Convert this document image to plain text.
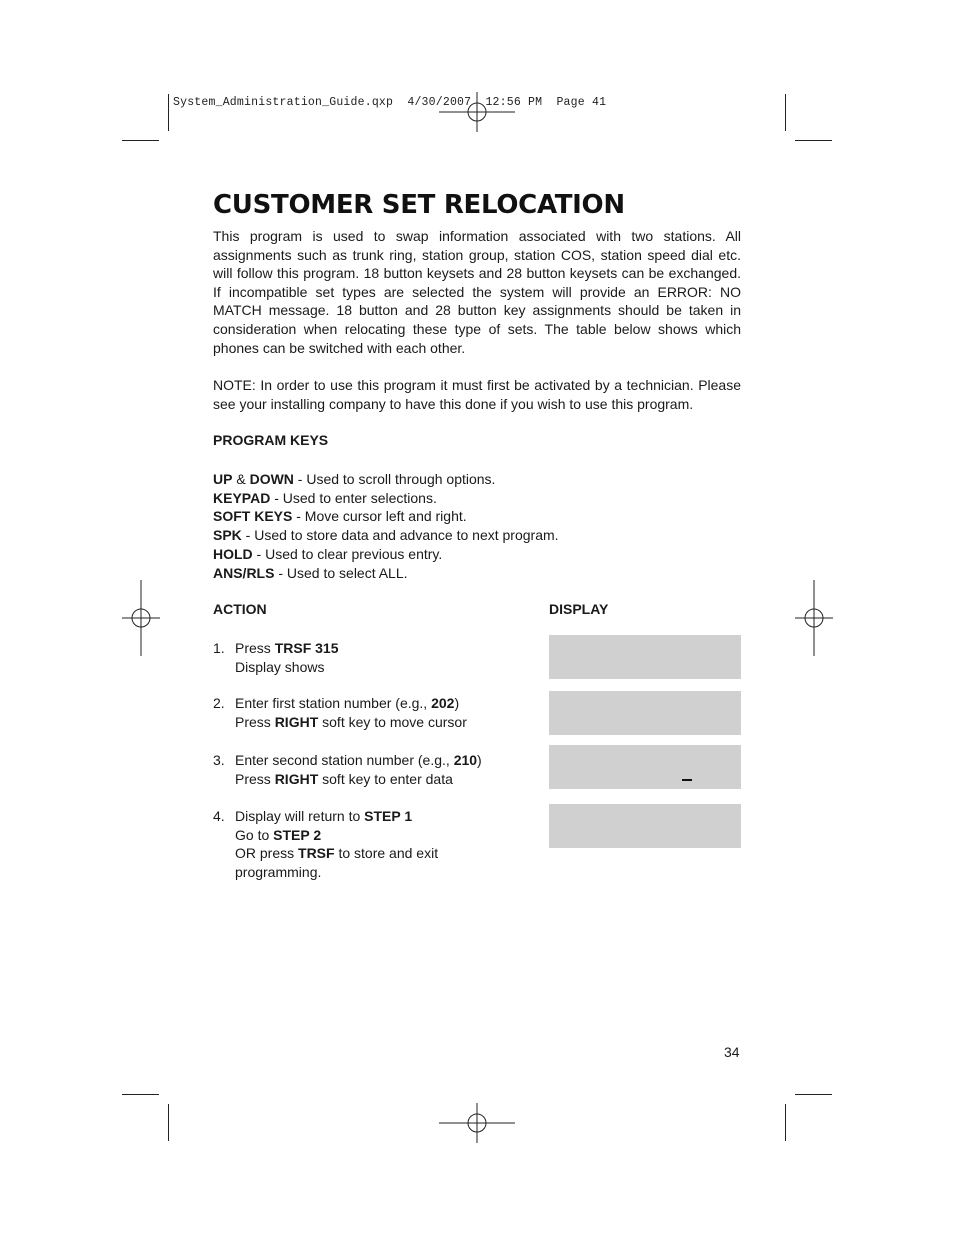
System_Administration_Guide.qxp  4/30/2007  12:56 PM  Page 41
CUSTOMER SET RELOCATION
This program is used to swap information associated with two stations. All assignments such as trunk ring, station group, station COS, station speed dial etc. will follow this program. 18 button keysets and 28 button keysets can be exchanged. If incompatible set types are selected the system will provide an ERROR: NO MATCH message. 18 button and 28 button key assignments should be taken in consideration when relocating these type of sets. The table below shows which phones can be switched with each other.
NOTE: In order to use this program it must first be activated by a technician. Please see your installing company to have this done if you wish to use this program.
PROGRAM KEYS
UP & DOWN - Used to scroll through options.
KEYPAD - Used to enter selections.
SOFT KEYS - Move cursor left and right.
SPK - Used to store data and advance to next program.
HOLD - Used to clear previous entry.
ANS/RLS - Used to select ALL.
ACTION	DISPLAY
1. Press TRSF 315
Display shows
2. Enter first station number (e.g., 202)
Press RIGHT soft key to move cursor
3. Enter second station number (e.g., 210)
Press RIGHT soft key to enter data
4. Display will return to STEP 1
Go to STEP 2
OR press TRSF to store and exit
programming.
34
